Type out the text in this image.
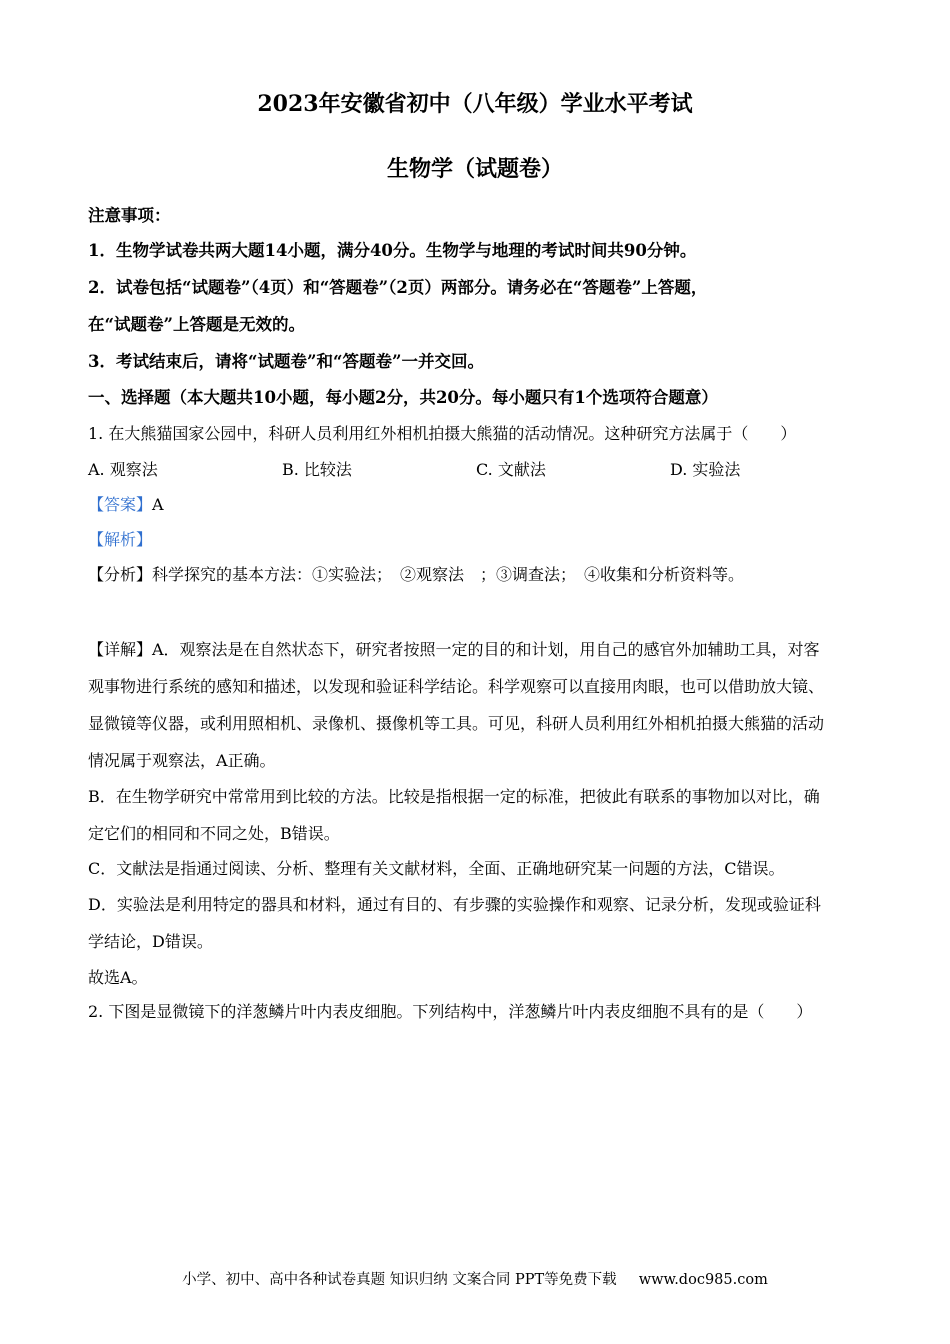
2023年安徽省初中（八年级）学业水平考试
生物学（试题卷）
注意事项：
1．生物学试卷共两大题14小题，满分40分。生物学与地理的考试时间共90分钟。
2．试卷包括“试题卷”（4页）和“答题卷”（2页）两部分。请务必在“答题卷”上答题，
在“试题卷”上答题是无效的。
3．考试结束后，请将“试题卷”和“答题卷”一并交回。
一、选择题（本大题共10小题，每小题2分，共20分。每小题只有1个选项符合题意）
1. 在大熊猫国家公园中，科研人员利用红外相机拍摄大熊猫的活动情况。这种研究方法属于（　　）
A. 观察法	B. 比较法	C. 文献法	D. 实验法
【答案】A
【解析】
【分析】科学探究的基本方法：①实验法；　②观察法　；③调查法；　④收集和分析资料等。
【详解】A．观察法是在自然状态下，研究者按照一定的目的和计划，用自己的感官外加辅助工具，对客
观事物进行系统的感知和描述，以发现和验证科学结论。科学观察可以直接用肉眼，也可以借助放大镜、
显微镜等仪器，或利用照相机、录像机、摄像机等工具。可见，科研人员利用红外相机拍摄大熊猫的活动
情况属于观察法，A正确。
B．在生物学研究中常常用到比较的方法。比较是指根据一定的标准，把彼此有联系的事物加以对比，确
定它们的相同和不同之处，B错误。
C．文献法是指通过阅读、分析、整理有关文献材料，全面、正确地研究某一问题的方法，C错误。
D．实验法是利用特定的器具和材料，通过有目的、有步骤的实验操作和观察、记录分析，发现或验证科
学结论，D错误。
故选A。
2. 下图是显微镜下的洋葱鳞片叶内表皮细胞。下列结构中，洋葱鳞片叶内表皮细胞不具有的是（　　）
小学、初中、高中各种试卷真题 知识归纳 文案合同 PPT等免费下载 www.doc985.com
